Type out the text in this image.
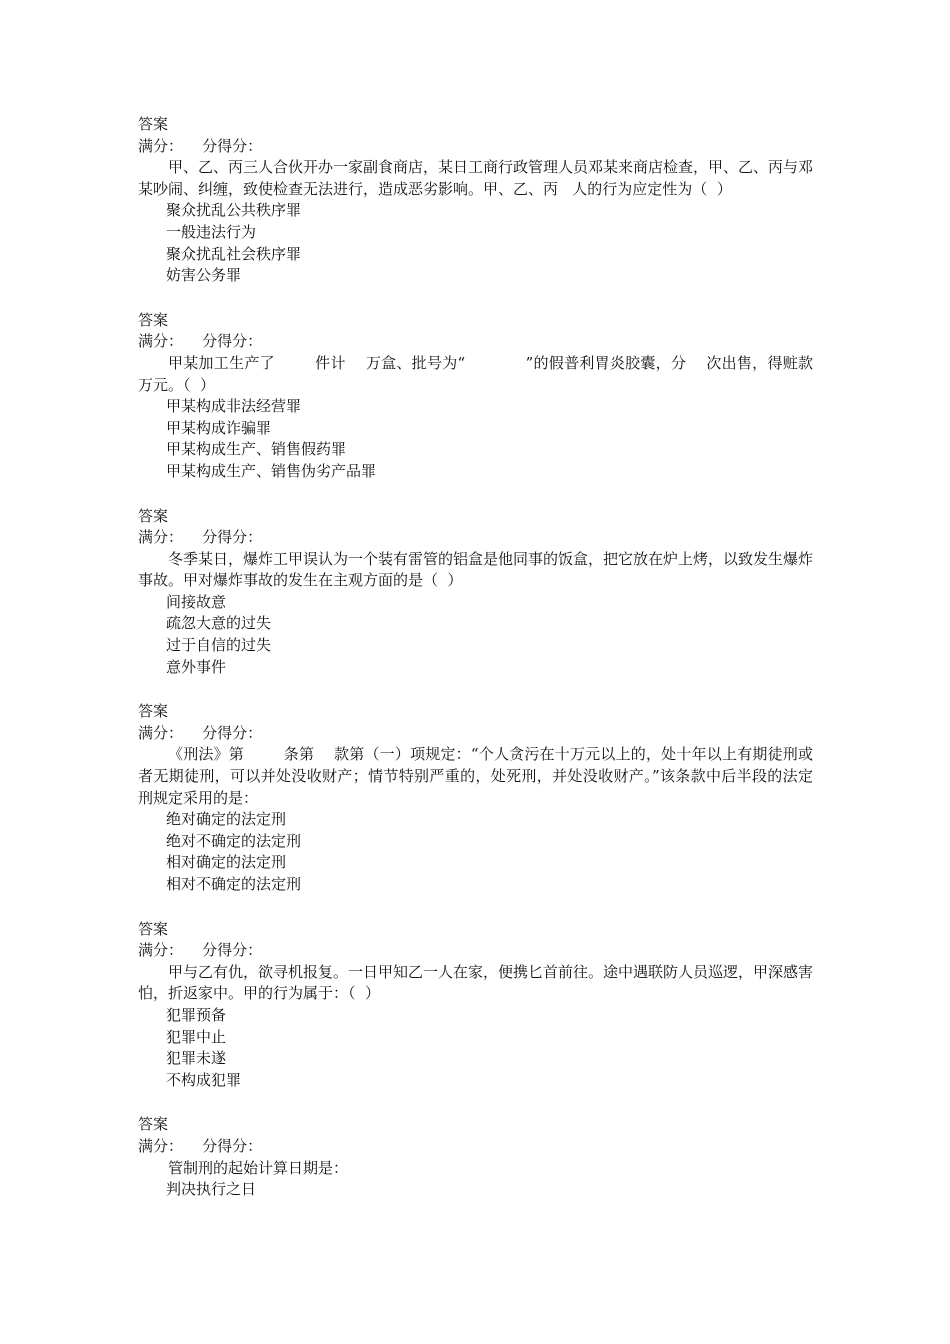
答案
满分：    分得分：
甲、乙、丙三人合伙开办一家副食商店，某日工商行政管理人员邓某来商店检查，甲、乙、丙与邓某吵闹、纠缠，致使检查无法进行，造成恶劣影响。甲、乙、丙   人的行为应定性为（  ）
聚众扰乱公共秩序罪
一般违法行为
聚众扰乱社会秩序罪
妨害公务罪
答案
满分：    分得分：
甲某加工生产了        件计    万盒、批号为“            ”的假普利胃炎胶囊，分    次出售，得赃款          万元。（  ）
甲某构成非法经营罪
甲某构成诈骗罪
甲某构成生产、销售假药罪
甲某构成生产、销售伪劣产品罪
答案
满分：    分得分：
冬季某日，爆炸工甲误认为一个装有雷管的铝盒是他同事的饭盒，把它放在炉上烤，以致发生爆炸事故。甲对爆炸事故的发生在主观方面的是（  ）
间接故意
疏忽大意的过失
过于自信的过失
意外事件
答案
满分：    分得分：
《刑法》第        条第    款第（一）项规定：“个人贪污在十万元以上的，处十年以上有期徒刑或者无期徒刑，可以并处没收财产；情节特别严重的，处死刑，并处没收财产。”该条款中后半段的法定刑规定采用的是：
绝对确定的法定刑
绝对不确定的法定刑
相对确定的法定刑
相对不确定的法定刑
答案
满分：    分得分：
甲与乙有仇，欲寻机报复。一日甲知乙一人在家，便携匕首前往。途中遇联防人员巡逻，甲深感害怕，折返家中。甲的行为属于：（  ）
犯罪预备
犯罪中止
犯罪未遂
不构成犯罪
答案
满分：    分得分：
管制刑的起始计算日期是：
判决执行之日
